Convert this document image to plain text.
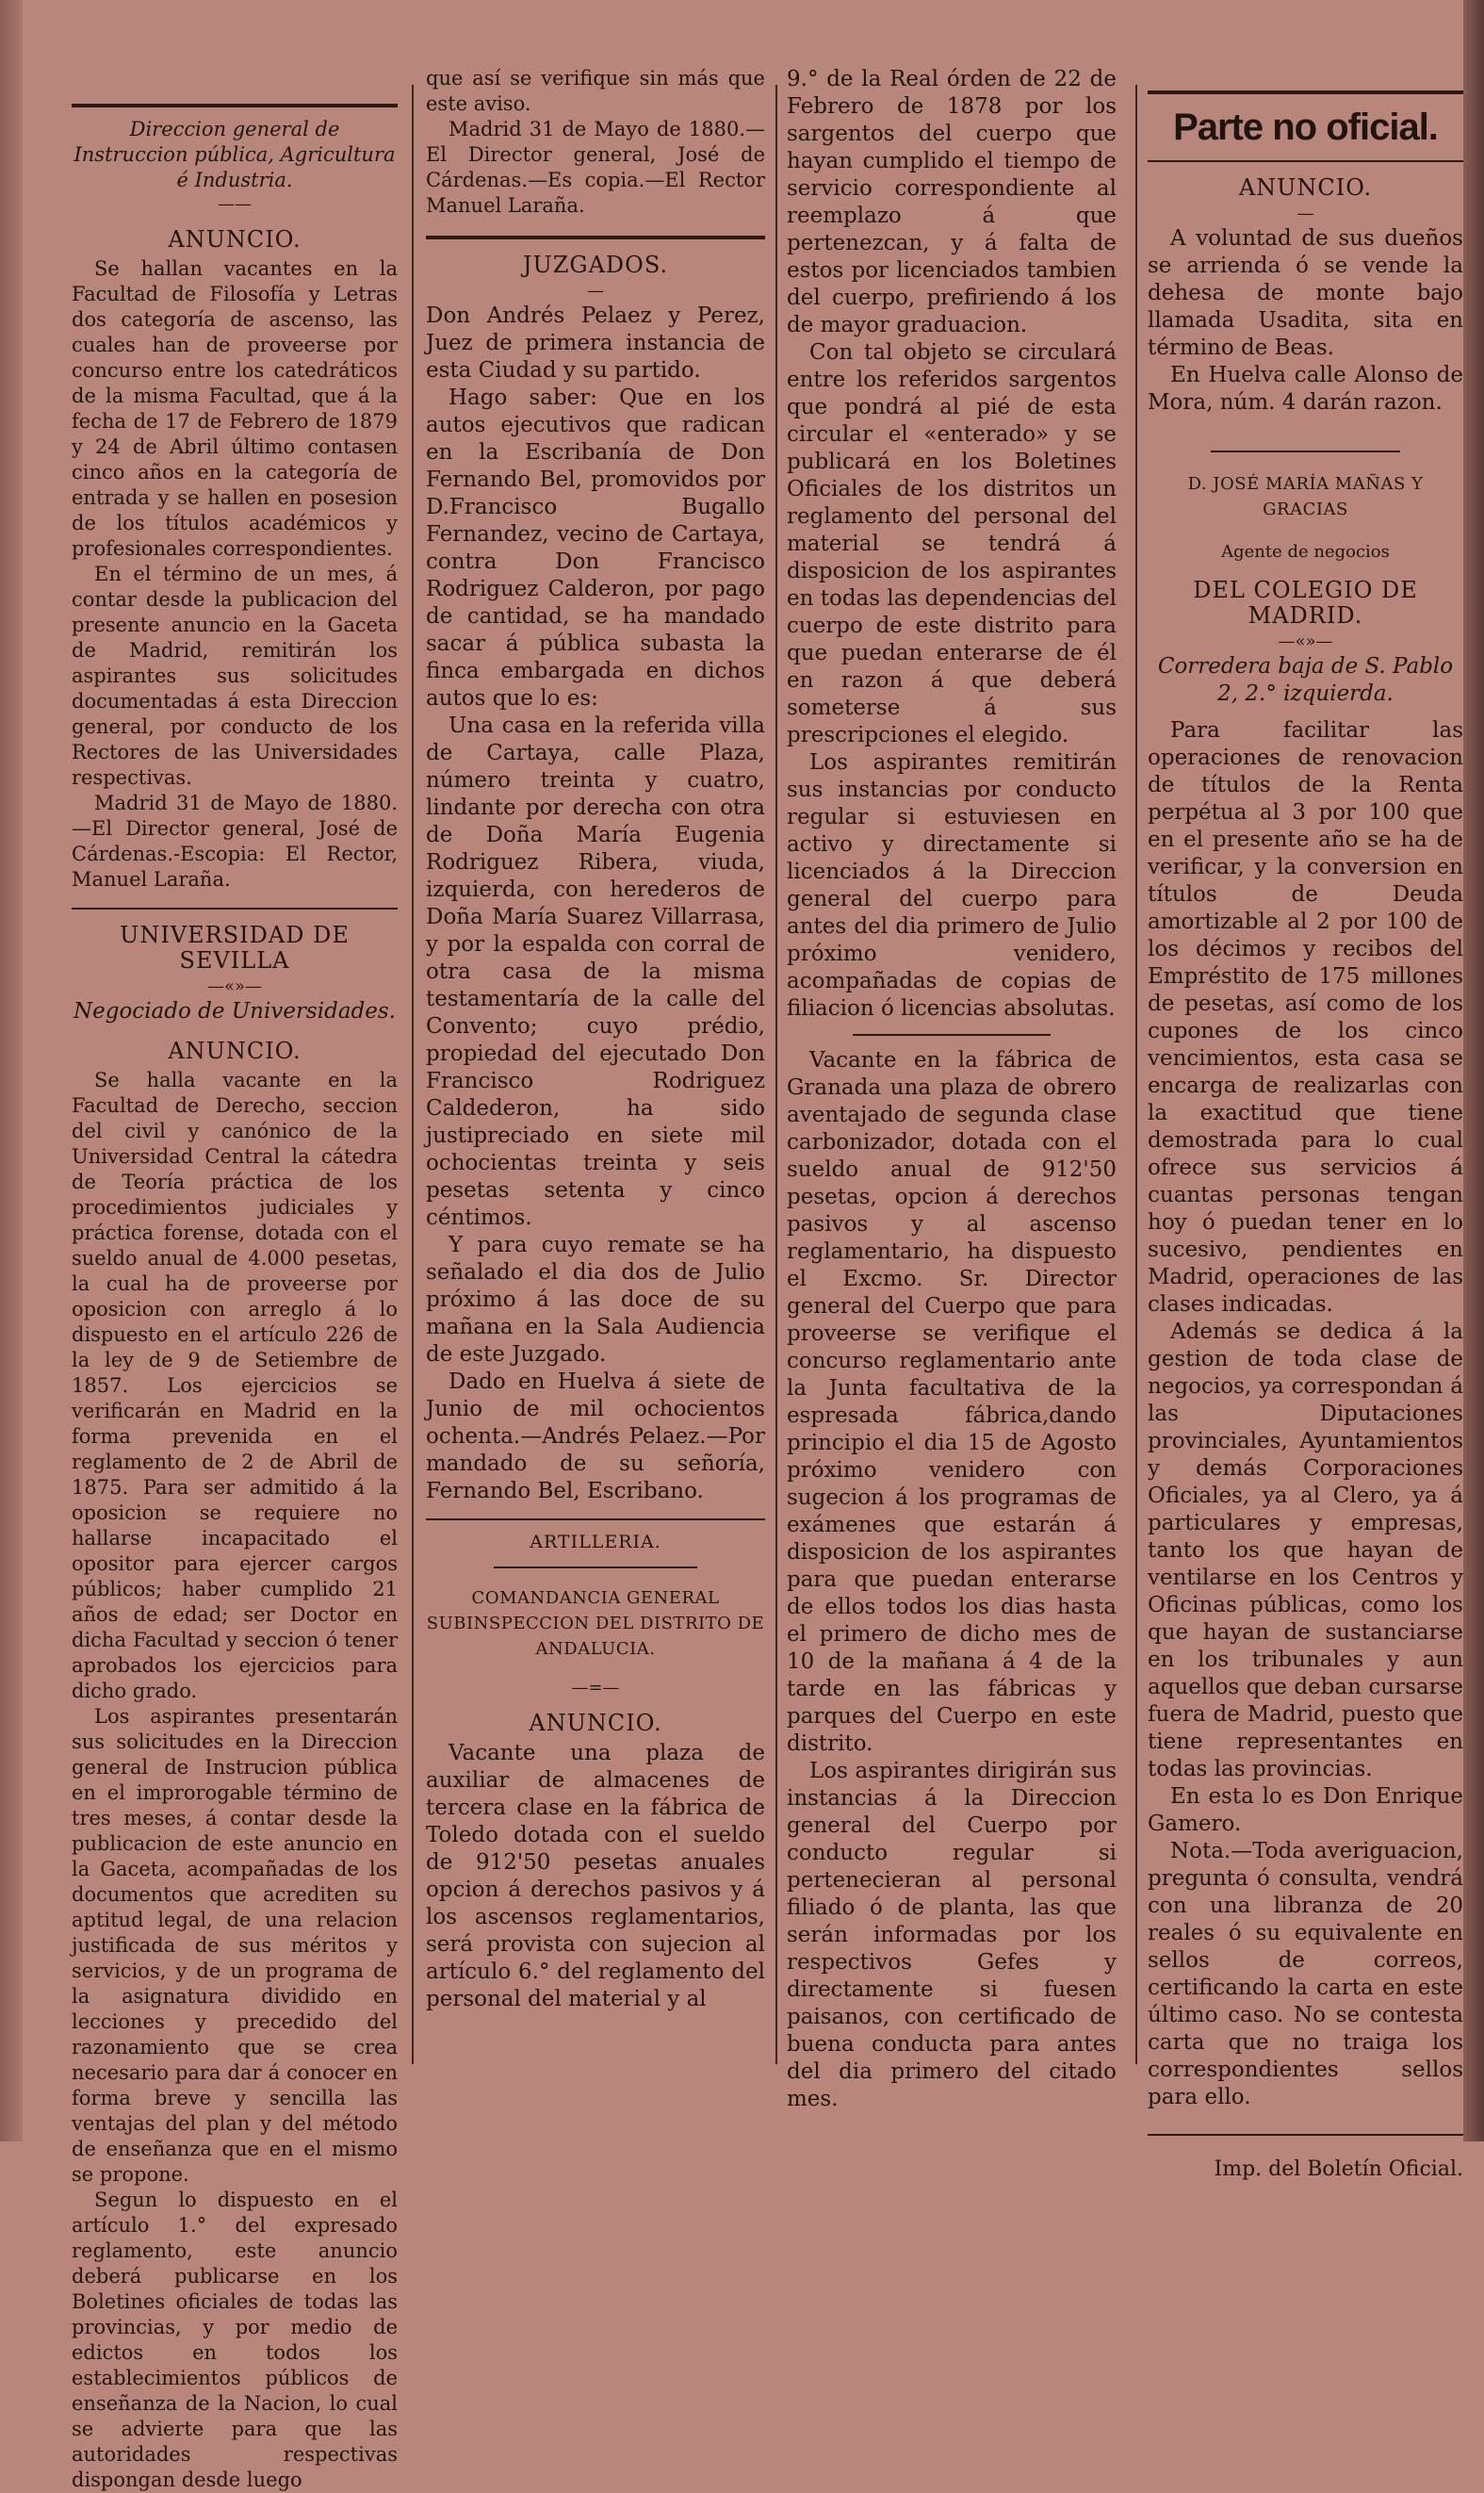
Direccion general de Instruccion pública, Agricultura é Industria.

——

ANUNCIO.

Se hallan vacantes en la Facultad de Filosofía y Letras dos categoría de ascenso, las cuales han de proveerse por concurso entre los catedráticos de la misma Facultad, que á la fecha de 17 de Febrero de 1879 y 24 de Abril último contasen cinco años en la categoría de entrada y se hallen en posesion de los títulos académicos y profesionales correspondientes.

En el término de un mes, á contar desde la publicacion del presente anuncio en la Gaceta de Madrid, remitirán los aspirantes sus solicitudes documentadas á esta Direccion general, por conducto de los Rectores de las Universidades respectivas.

Madrid 31 de Mayo de 1880. —El Director general, José de Cárdenas.-Escopia: El Rector, Manuel Laraña.

UNIVERSIDAD DE SEVILLA

—«»—

Negociado de Universidades.

ANUNCIO.

Se halla vacante en la Facultad de Derecho, seccion del civil y canónico de la Universidad Central la cátedra de Teoría práctica de los procedimientos judiciales y práctica forense, dotada con el sueldo anual de 4.000 pesetas, la cual ha de proveerse por oposicion con arreglo á lo dispuesto en el artículo 226 de la ley de 9 de Setiembre de 1857. Los ejercicios se verificarán en Madrid en la forma prevenida en el reglamento de 2 de Abril de 1875. Para ser admitido á la oposicion se requiere no hallarse incapacitado el opositor para ejercer cargos públicos; haber cumplido 21 años de edad; ser Doctor en dicha Facultad y seccion ó tener aprobados los ejercicios para dicho grado.

Los aspirantes presentarán sus solicitudes en la Direccion general de Instrucion pública en el improrogable término de tres meses, á contar desde la publicacion de este anuncio en la Gaceta, acompañadas de los documentos que acrediten su aptitud legal, de una relacion justificada de sus méritos y servicios, y de un programa de la asignatura dividido en lecciones y precedido del razonamiento que se crea necesario para dar á conocer en forma breve y sencilla las ventajas del plan y del método de enseñanza que en el mismo se propone.

Segun lo dispuesto en el artículo 1.° del expresado reglamento, este anuncio deberá publicarse en los Boletines oficiales de todas las provincias, y por medio de edictos en todos los establecimientos públicos de enseñanza de la Nacion, lo cual se advierte para que las autoridades respectivas dispongan desde luego

que así se verifique sin más que este aviso.

Madrid 31 de Mayo de 1880.—El Director general, José de Cárdenas.—Es copia.—El Rector Manuel Laraña.

JUZGADOS.

—

Don Andrés Pelaez y Perez, Juez de primera instancia de esta Ciudad y su partido.

Hago saber: Que en los autos ejecutivos que radican en la Escribanía de Don Fernando Bel, promovidos por D.Francisco Bugallo Fernandez, vecino de Cartaya, contra Don Francisco Rodriguez Calderon, por pago de cantidad, se ha mandado sacar á pública subasta la finca embargada en dichos autos que lo es:

Una casa en la referida villa de Cartaya, calle Plaza, número treinta y cuatro, lindante por derecha con otra de Doña María Eugenia Rodriguez Ribera, viuda, izquierda, con herederos de Doña María Suarez Villarrasa, y por la espalda con corral de otra casa de la misma testamentaría de la calle del Convento; cuyo prédio, propiedad del ejecutado Don Francisco Rodriguez Caldederon, ha sido justipreciado en siete mil ochocientas treinta y seis pesetas setenta y cinco céntimos.

Y para cuyo remate se ha señalado el dia dos de Julio próximo á las doce de su mañana en la Sala Audiencia de este Juzgado.

Dado en Huelva á siete de Junio de mil ochocientos ochenta.—Andrés Pelaez.—Por mandado de su señoría, Fernando Bel, Escribano.

ARTILLERIA.

COMANDANCIA GENERAL SUBINSPECCION DEL DISTRITO DE ANDALUCIA.

—=—

ANUNCIO.

Vacante una plaza de auxiliar de almacenes de tercera clase en la fábrica de Toledo dotada con el sueldo de 912'50 pesetas anuales opcion á derechos pasivos y á los ascensos reglamentarios, será provista con sujecion al artículo 6.° del reglamento del personal del material y al

9.° de la Real órden de 22 de Febrero de 1878 por los sargentos del cuerpo que hayan cumplido el tiempo de servicio correspondiente al reemplazo á que pertenezcan, y á falta de estos por licenciados tambien del cuerpo, prefiriendo á los de mayor graduacion.

Con tal objeto se circulará entre los referidos sargentos que pondrá al pié de esta circular el «enterado» y se publicará en los Boletines Oficiales de los distritos un reglamento del personal del material se tendrá á disposicion de los aspirantes en todas las dependencias del cuerpo de este distrito para que puedan enterarse de él en razon á que deberá someterse á sus prescripciones el elegido.

Los aspirantes remitirán sus instancias por conducto regular si estuviesen en activo y directamente si licenciados á la Direccion general del cuerpo para antes del dia primero de Julio próximo venidero, acompañadas de copias de filiacion ó licencias absolutas.

Vacante en la fábrica de Granada una plaza de obrero aventajado de segunda clase carbonizador, dotada con el sueldo anual de 912'50 pesetas, opcion á derechos pasivos y al ascenso reglamentario, ha dispuesto el Excmo. Sr. Director general del Cuerpo que para proveerse se verifique el concurso reglamentario ante la Junta facultativa de la espresada fábrica,dando principio el dia 15 de Agosto próximo venidero con sugecion á los programas de exámenes que estarán á disposicion de los aspirantes para que puedan enterarse de ellos todos los dias hasta el primero de dicho mes de 10 de la mañana á 4 de la tarde en las fábricas y parques del Cuerpo en este distrito.

Los aspirantes dirigirán sus instancias á la Direccion general del Cuerpo por conducto regular si pertenecieran al personal filiado ó de planta, las que serán informadas por los respectivos Gefes y directamente si fuesen paisanos, con certificado de buena conducta para antes del dia primero del citado mes.

Parte no oficial.

ANUNCIO.

—

A voluntad de sus dueños se arrienda ó se vende la dehesa de monte bajo llamada Usadita, sita en término de Beas.

En Huelva calle Alonso de Mora, núm. 4 darán razon.

D. JOSÉ MARÍA MAÑAS Y GRACIAS

Agente de negocios

DEL COLEGIO DE MADRID.

—«»—

Corredera baja de S. Pablo 2, 2.° izquierda.

Para facilitar las operaciones de renovacion de títulos de la Renta perpétua al 3 por 100 que en el presente año se ha de verificar, y la conversion en títulos de Deuda amortizable al 2 por 100 de los décimos y recibos del Empréstito de 175 millones de pesetas, así como de los cupones de los cinco vencimientos, esta casa se encarga de realizarlas con la exactitud que tiene demostrada para lo cual ofrece sus servicios á cuantas personas tengan hoy ó puedan tener en lo sucesivo, pendientes en Madrid, operaciones de las clases indicadas.

Además se dedica á la gestion de toda clase de negocios, ya correspondan á las Diputaciones provinciales, Ayuntamientos y demás Corporaciones Oficiales, ya al Clero, ya á particulares y empresas, tanto los que hayan de ventilarse en los Centros y Oficinas públicas, como los que hayan de sustanciarse en los tribunales y aun aquellos que deban cursarse fuera de Madrid, puesto que tiene representantes en todas las provincias.

En esta lo es Don Enrique Gamero.

Nota.—Toda averiguacion, pregunta ó consulta, vendrá con una libranza de 20 reales ó su equivalente en sellos de correos, certificando la carta en este último caso. No se contesta carta que no traiga los correspondientes sellos para ello.

Imp. del Boletín Oficial.
